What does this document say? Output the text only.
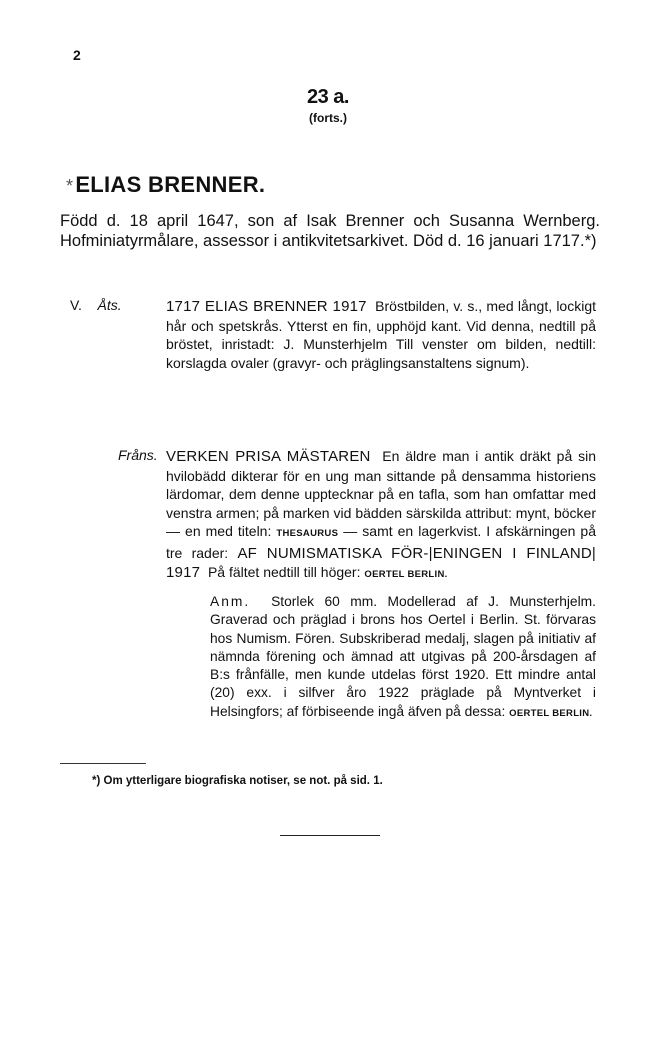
2
23 a.
(forts.)
*ELIAS BRENNER.
Född d. 18 april 1647, son af Isak Brenner och Susanna Wernberg. Hofminiatyrmålare, assessor i antikvitetsarkivet. Död d. 16 januari 1717.*)
V. Åts.	1717 ELIAS BRENNER 1917 Bröstbilden, v. s., med långt, lockigt hår och spetskrås. Ytterst en fin, upphöjd kant. Vid denna, nedtill på bröstet, inristadt: J. Munsterhjelm Till venster om bilden, nedtill: korslagda ovaler (gravyr- och präglingsanstaltens signum).
Fråns. VERKEN PRISA MÄSTAREN En äldre man i antik dräkt på sin hvilobädd dikterar för en ung man sittande på densamma historiens lärdomar, dem denne upptecknar på en tafla, som han omfattar med venstra armen; på marken vid bädden särskilda attribut: mynt, böcker — en med titeln: THESAURUS — samt en lagerkvist. I afskärningen på tre rader: AF NUMISMATISKA FÖR-|ENINGEN I FINLAND| 1917 På fältet nedtill till höger: OERTEL BERLIN.
Anm. Storlek 60 mm. Modellerad af J. Munsterhjelm. Graverad och präglad i brons hos Oertel i Berlin. St. förvaras hos Numism. Fören. Subskriberad medalj, slagen på initiativ af nämnda förening och ämnad att utgivas på 200-årsdagen af B:s frånfälle, men kunde utdelas först 1920. Ett mindre antal (20) exx. i silfver åro 1922 präglade på Myntverket i Helsingfors; af förbiseende ingå äfven på dessa: OERTEL BERLIN.
*) Om ytterligare biografiska notiser, se not. på sid. 1.
